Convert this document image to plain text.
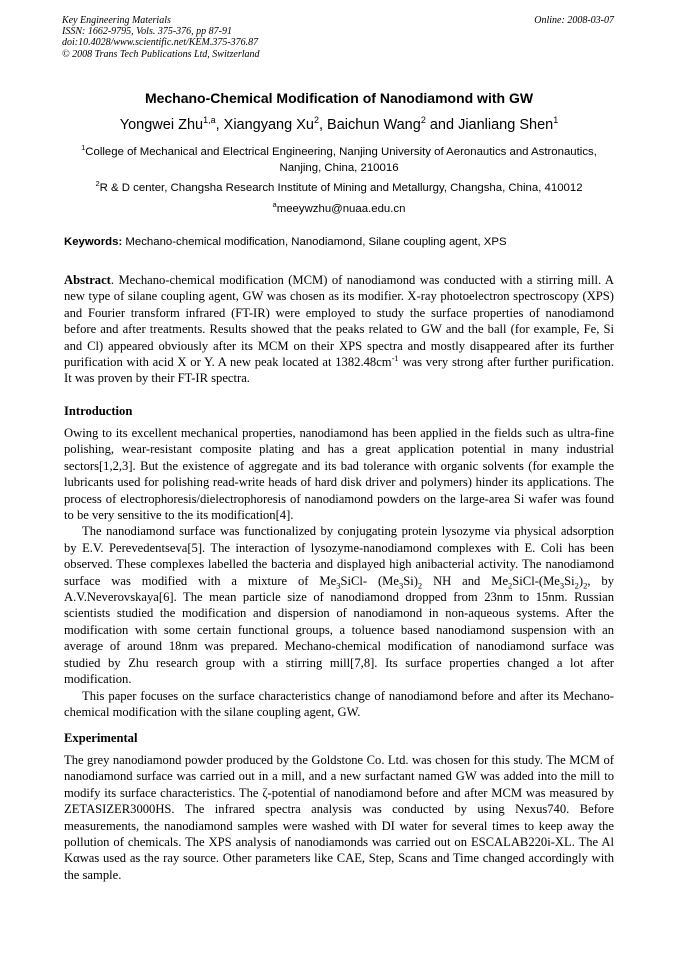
Key Engineering Materials
ISSN: 1662-9795, Vols. 375-376, pp 87-91
doi:10.4028/www.scientific.net/KEM.375-376.87
© 2008 Trans Tech Publications Ltd, Switzerland
Online: 2008-03-07
Mechano-Chemical Modification of Nanodiamond with GW
Yongwei Zhu$^{1,a}$, Xiangyang Xu$^2$, Baichun Wang$^2$ and Jianliang Shen$^1$
$^1$College of Mechanical and Electrical Engineering, Nanjing University of Aeronautics and Astronautics, Nanjing, China, 210016
$^2$R & D center, Changsha Research Institute of Mining and Metallurgy, Changsha, China, 410012
$^a$meeywzhu@nuaa.edu.cn
Keywords: Mechano-chemical modification, Nanodiamond, Silane coupling agent, XPS

Abstract. Mechano-chemical modification (MCM) of nanodiamond was conducted with a stirring mill. A new type of silane coupling agent, GW was chosen as its modifier. X-ray photoelectron spectroscopy (XPS) and Fourier transform infrared (FT-IR) were employed to study the surface properties of nanodiamond before and after treatments. Results showed that the peaks related to GW and the ball (for example, Fe, Si and Cl) appeared obviously after its MCM on their XPS spectra and mostly disappeared after its further purification with acid X or Y. A new peak located at $1382.48cm^{-1}$ was very strong after further purification. It was proven by their FT-IR spectra.

Introduction

Owing to its excellent mechanical properties, nanodiamond has been applied in the fields such as ultra-fine polishing, wear-resistant composite plating and has a great application potential in many industrial sectors[1,2,3]. But the existence of aggregate and its bad tolerance with organic solvents (for example the lubricants used for polishing read-write heads of hard disk driver and polymers) hinder its applications. The process of electrophoresis/dielectrophoresis of nanodiamond powders on the large-area Si wafer was found to be very sensitive to the its modification[4].

The nanodiamond surface was functionalized by conjugating protein lysozyme via physical adsorption by E.V. Perevedentseva[5]. The interaction of lysozyme-nanodiamond complexes with E. Coli has been observed. These complexes labelled the bacteria and displayed high anibacterial activity. The nanodiamond surface was modified with a mixture of $Me_3SiCl-$ $(Me_3Si)_2$ NH and $Me_2SiCl-(Me_3Si_2)_2$, by A.V.Neverovskaya[6]. The mean particle size of nanodiamond dropped from 23nm to 15nm. Russian scientists studied the modification and dispersion of nanodiamond in non-aqueous systems. After the modification with some certain functional groups, a toluence based nanodiamond suspension with an average of around 18nm was prepared. Mechano-chemical modification of nanodiamond surface was studied by Zhu research group with a stirring mill[7,8]. Its surface properties changed a lot after modification.

This paper focuses on the surface characteristics change of nanodiamond before and after its Mechano-chemical modification with the silane coupling agent, GW.

Experimental

The grey nanodiamond powder produced by the Goldstone Co. Ltd. was chosen for this study. The MCM of nanodiamond surface was carried out in a mill, and a new surfactant named GW was added into the mill to modify its surface characteristics. The ζ-potential of nanodiamond before and after MCM was measured by ZETASIZER3000HS. The infrared spectra analysis was conducted by using Nexus740. Before measurements, the nanodiamond samples were washed with DI water for several times to keep away the pollution of chemicals. The XPS analysis of nanodiamonds was carried out on ESCALAB220i-XL. The Al Kαwas used as the ray source. Other parameters like CAE, Step, Scans and Time changed accordingly with the sample.
